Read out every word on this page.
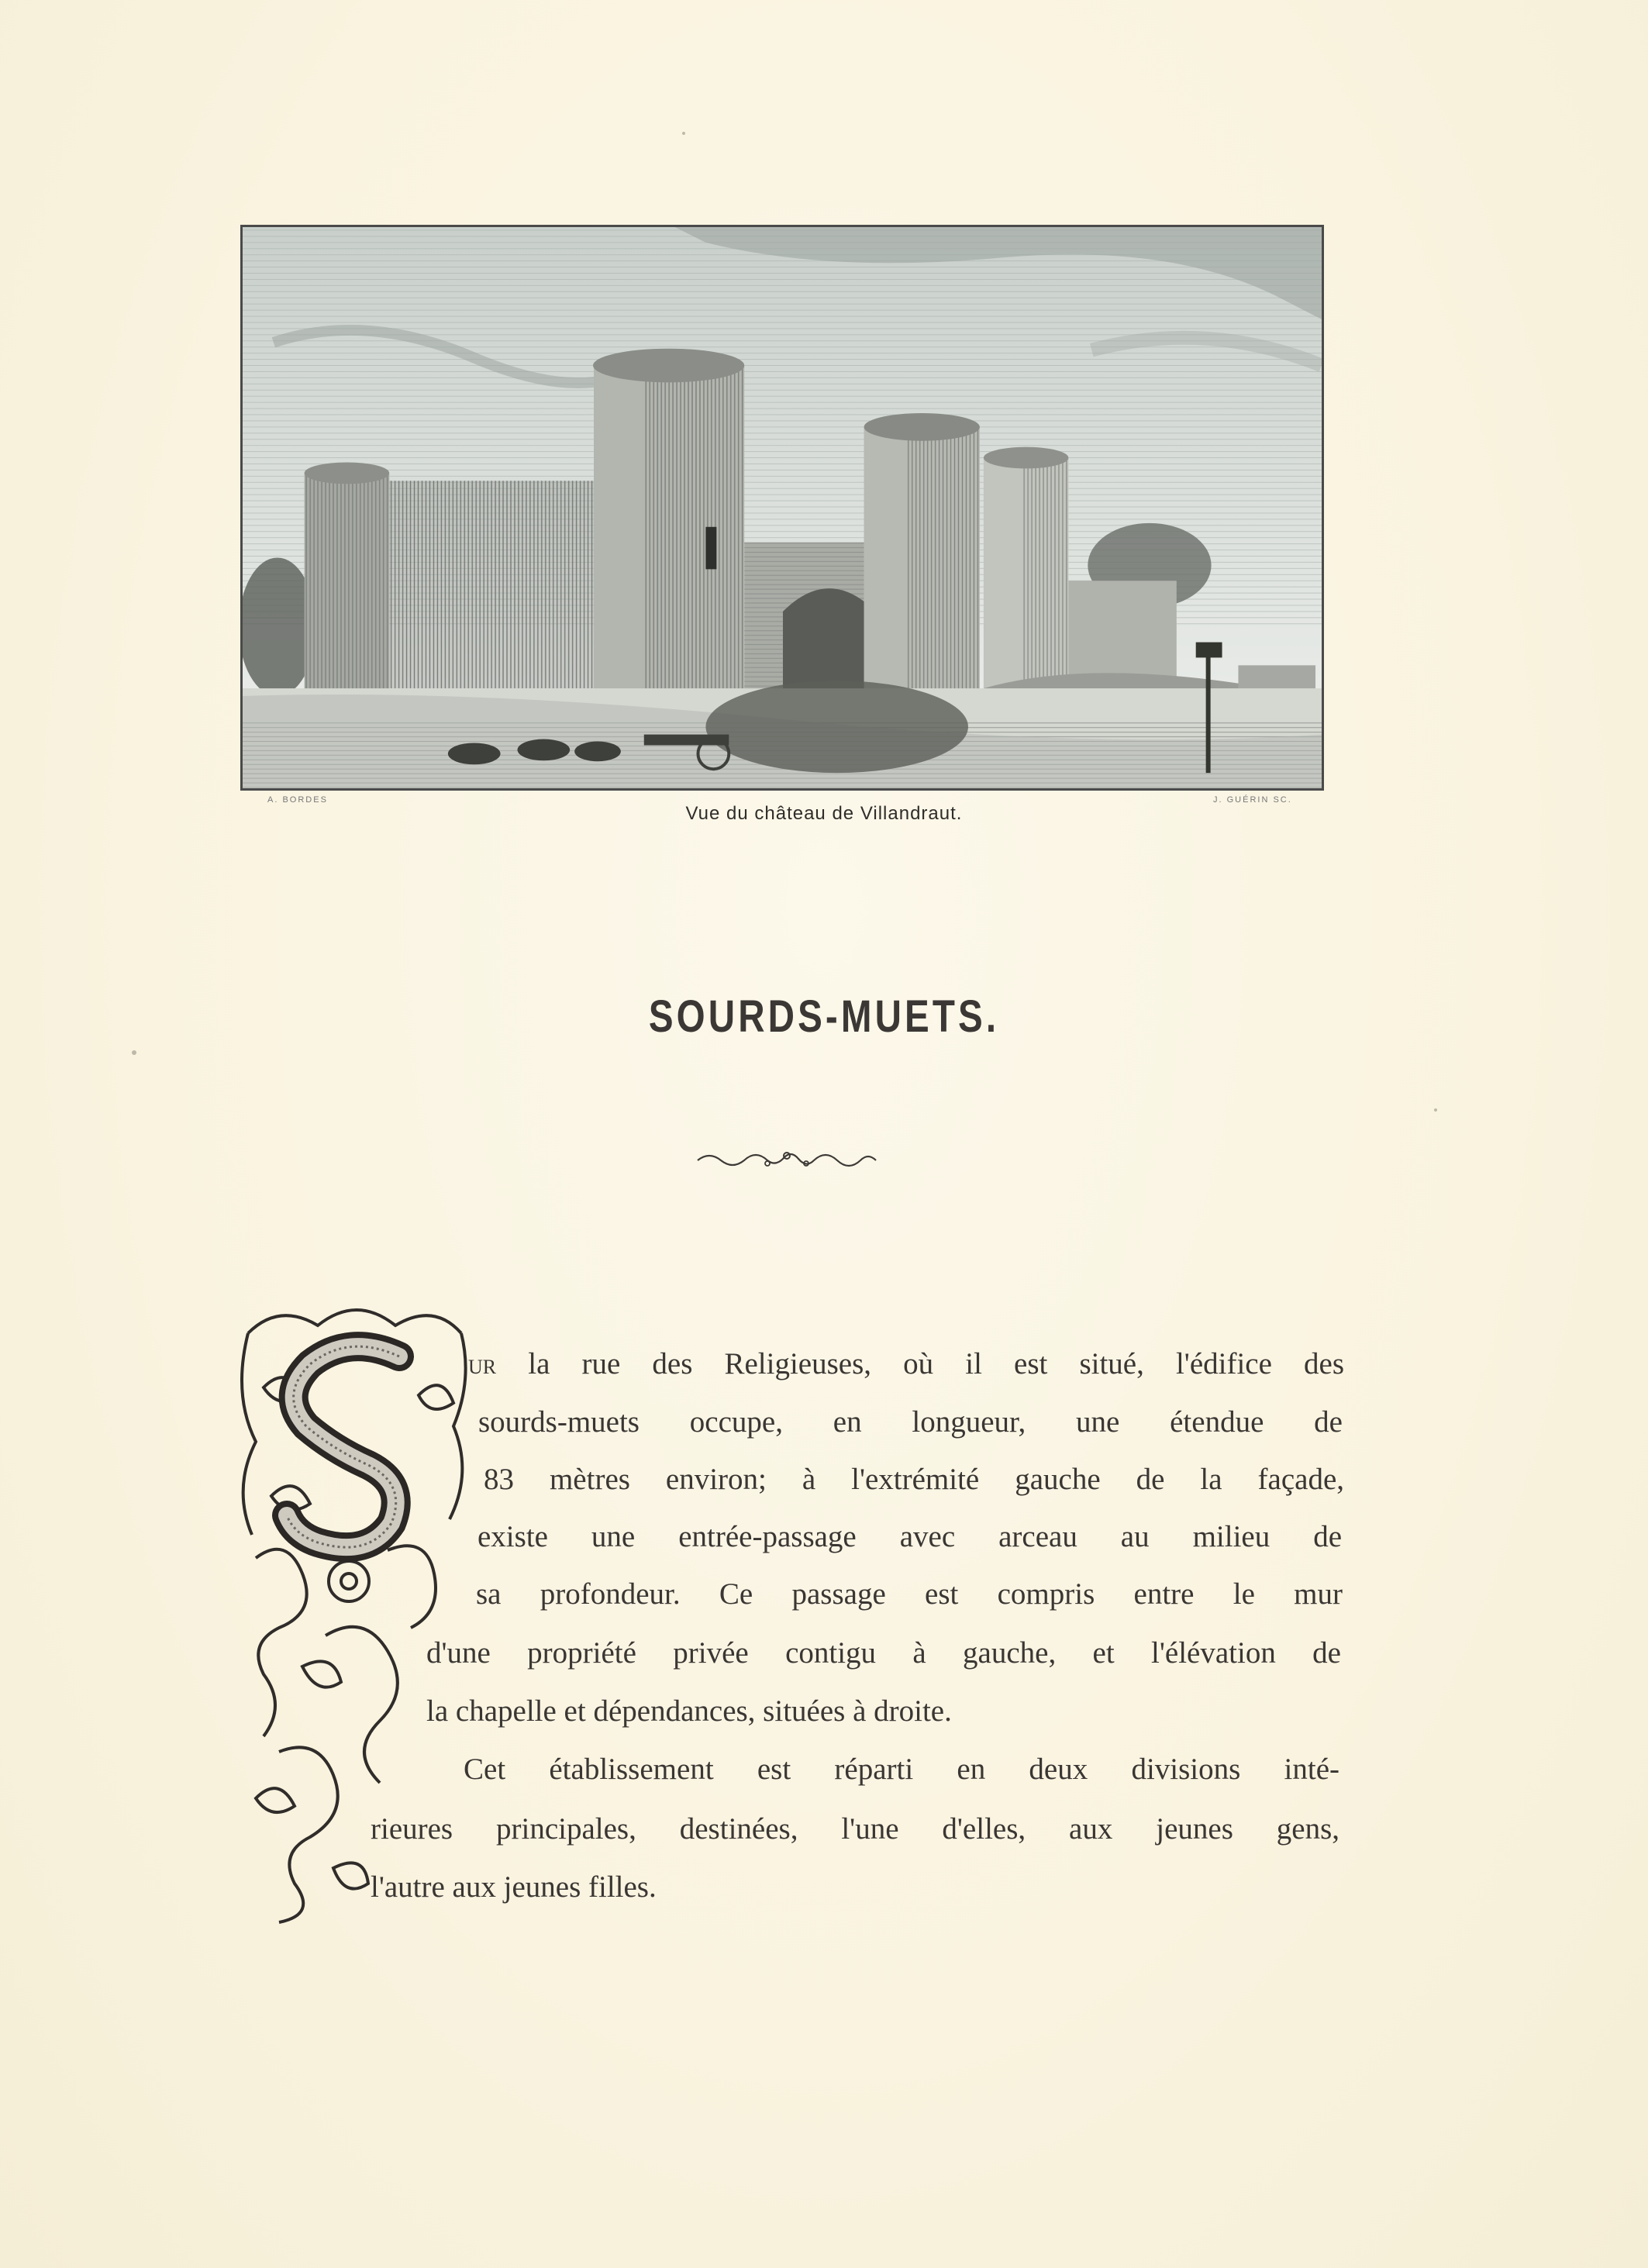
A. BORDES	J. GUÉRIN SC.
Vue du château de Villandraut.
SOURDS-MUETS.
ur la rue des Religieuses, où il est situé, l'édifice des
sourds-muets occupe, en longueur, une étendue de
83 mètres environ; à l'extrémité gauche de la façade,
existe une entrée-passage avec arceau au milieu de
sa profondeur. Ce passage est compris entre le mur
d'une propriété privée contigu à gauche, et l'élévation de
la chapelle et dépendances, situées à droite.
Cet établissement est réparti en deux divisions inté-
rieures principales, destinées, l'une d'elles, aux jeunes gens,
l'autre aux jeunes filles.
